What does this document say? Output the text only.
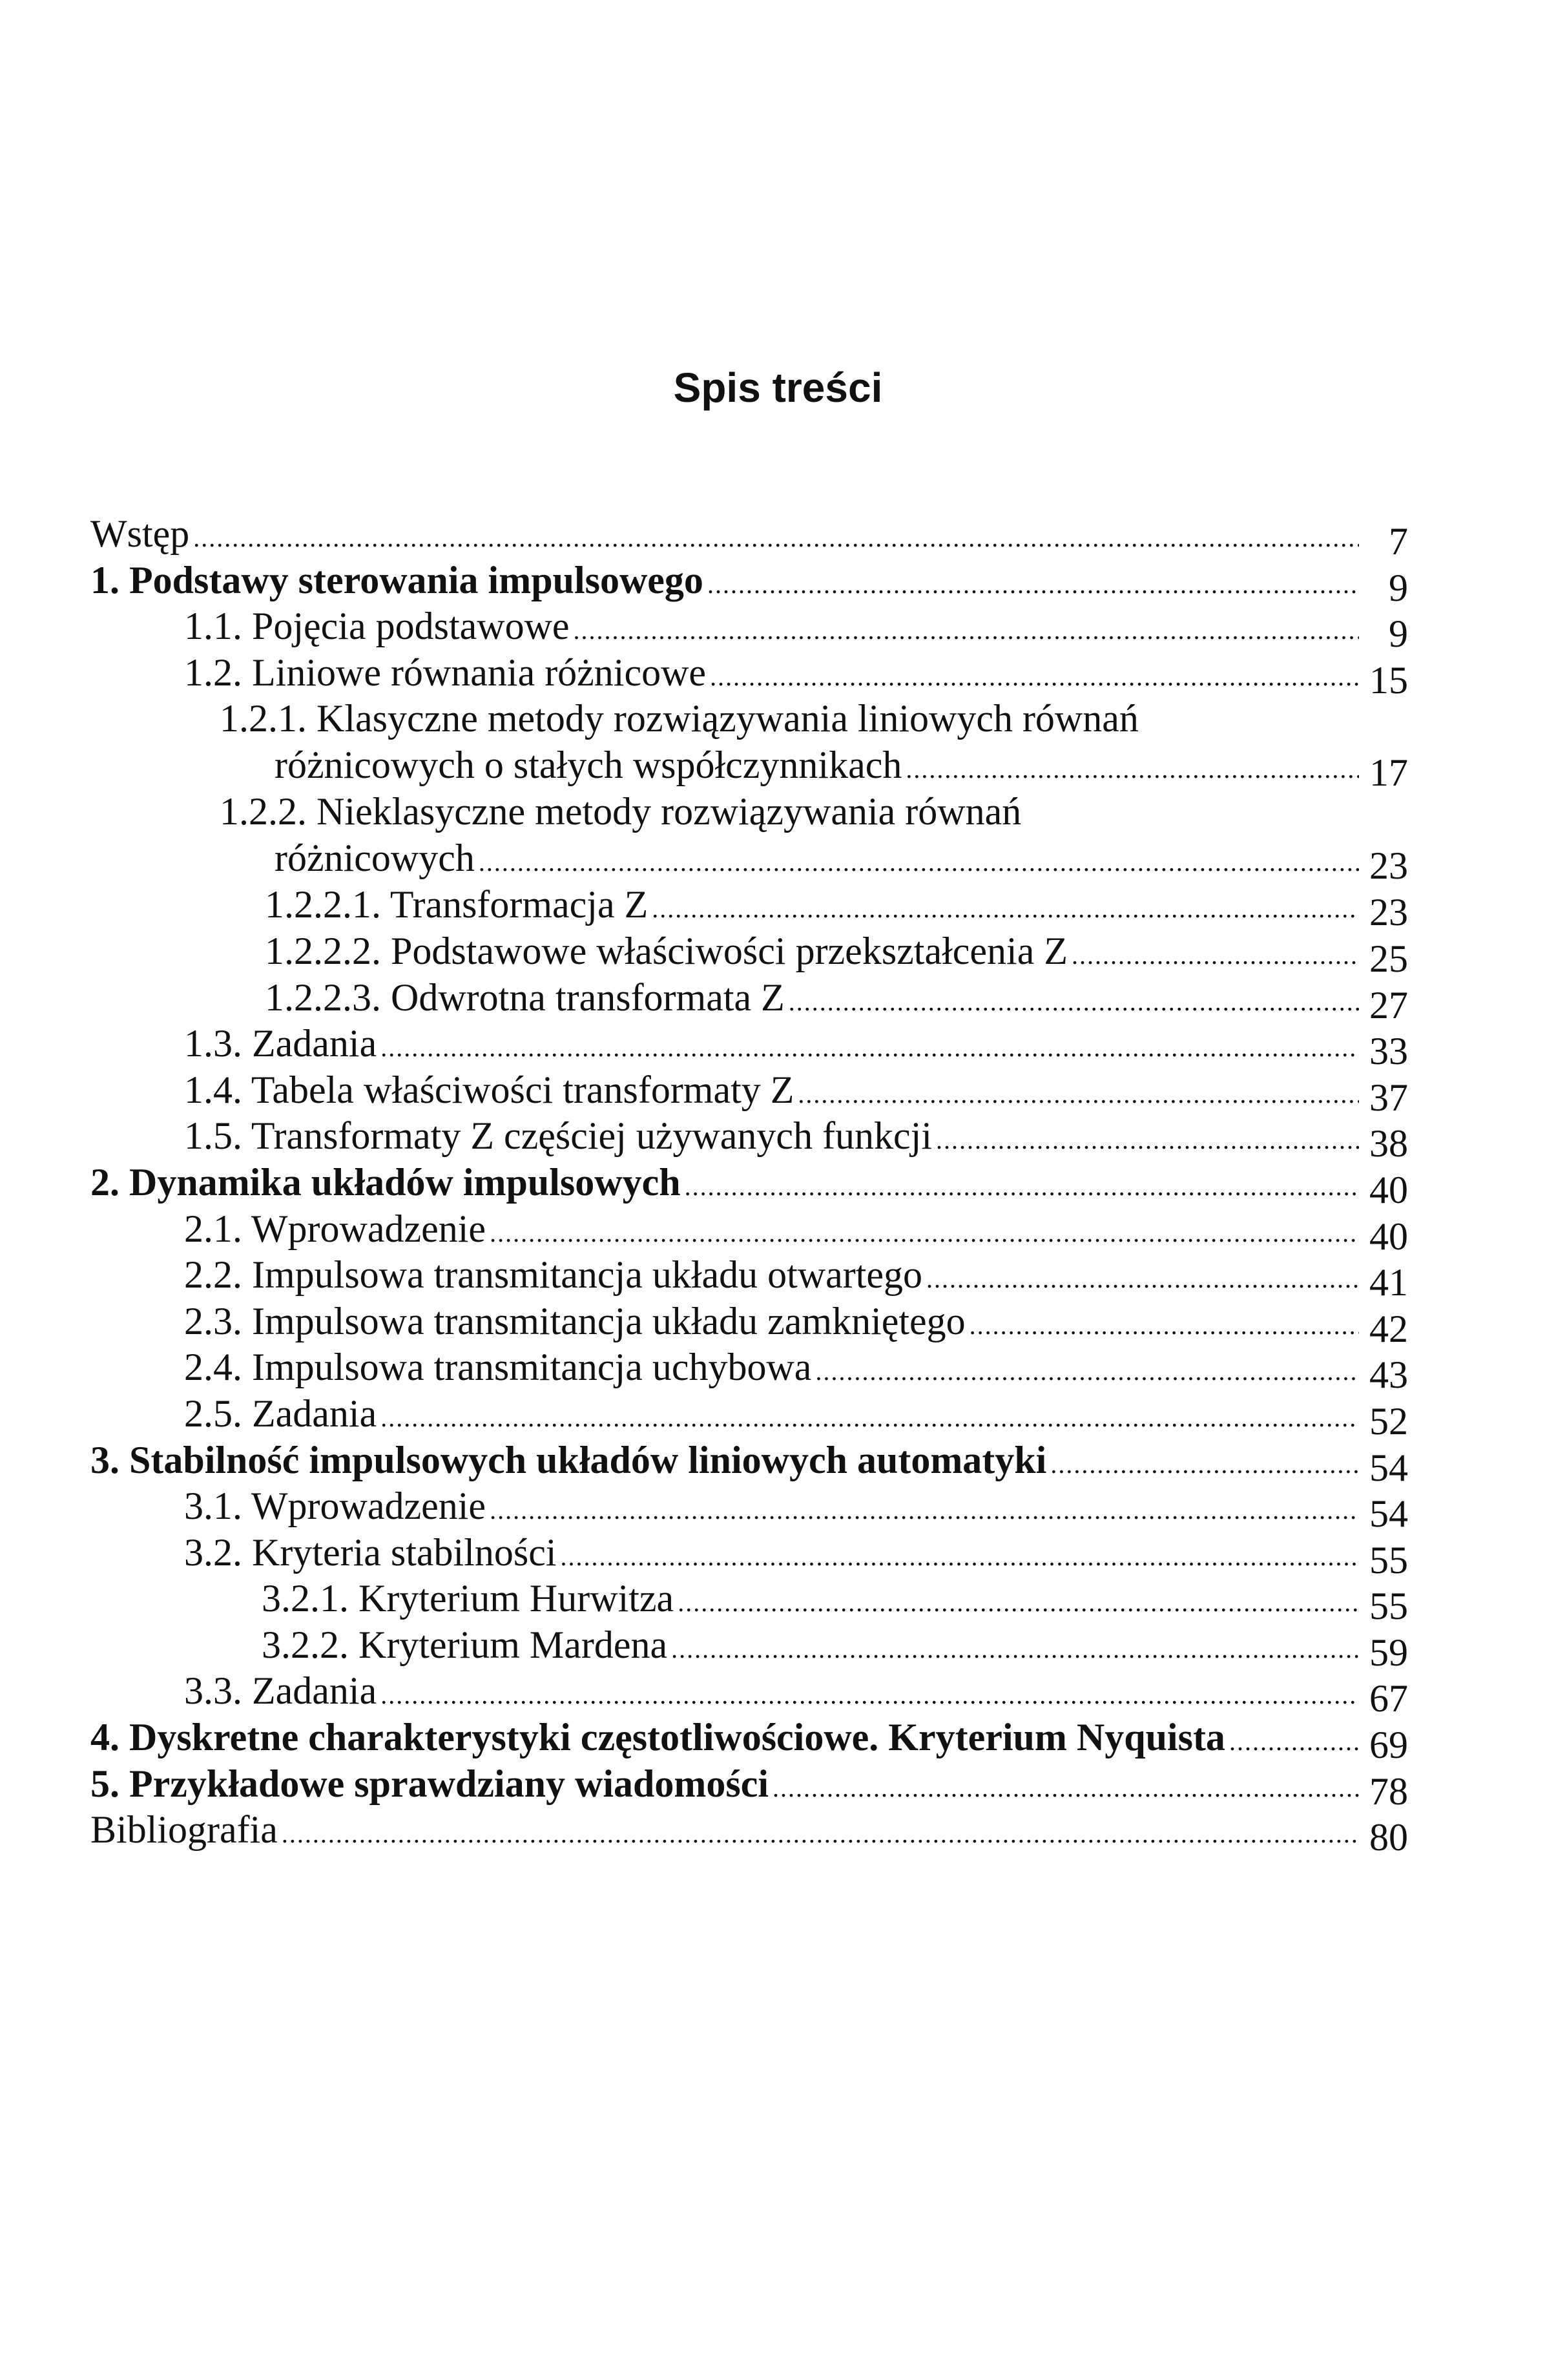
Spis treści
Wstęp .....	7
1. Podstawy sterowania impulsowego .....	9
1.1. Pojęcia podstawowe .....	9
1.2. Liniowe równania różnicowe .....	15
1.2.1. Klasyczne metody rozwiązywania liniowych równań
różnicowych o stałych współczynnikach .....	17
1.2.2. Nieklasyczne metody rozwiązywania równań
różnicowych .....	23
1.2.2.1. Transformacja Z .....	23
1.2.2.2. Podstawowe właściwości przekształcenia Z .....	25
1.2.2.3. Odwrotna transformata Z .....	27
1.3. Zadania .....	33
1.4. Tabela właściwości transformaty Z .....	37
1.5. Transformaty Z częściej używanych funkcji .....	38
2. Dynamika układów impulsowych .....	40
2.1. Wprowadzenie .....	40
2.2. Impulsowa transmitancja układu otwartego .....	41
2.3. Impulsowa transmitancja układu zamkniętego .....	42
2.4. Impulsowa transmitancja uchybowa .....	43
2.5. Zadania .....	52
3. Stabilność impulsowych układów liniowych automatyki .....	54
3.1. Wprowadzenie .....	54
3.2. Kryteria stabilności .....	55
3.2.1. Kryterium Hurwitza .....	55
3.2.2. Kryterium Mardena .....	59
3.3. Zadania .....	67
4. Dyskretne charakterystyki częstotliwościowe. Kryterium Nyquista .....	69
5. Przykładowe sprawdziany wiadomości .....	78
Bibliografia .....	80
